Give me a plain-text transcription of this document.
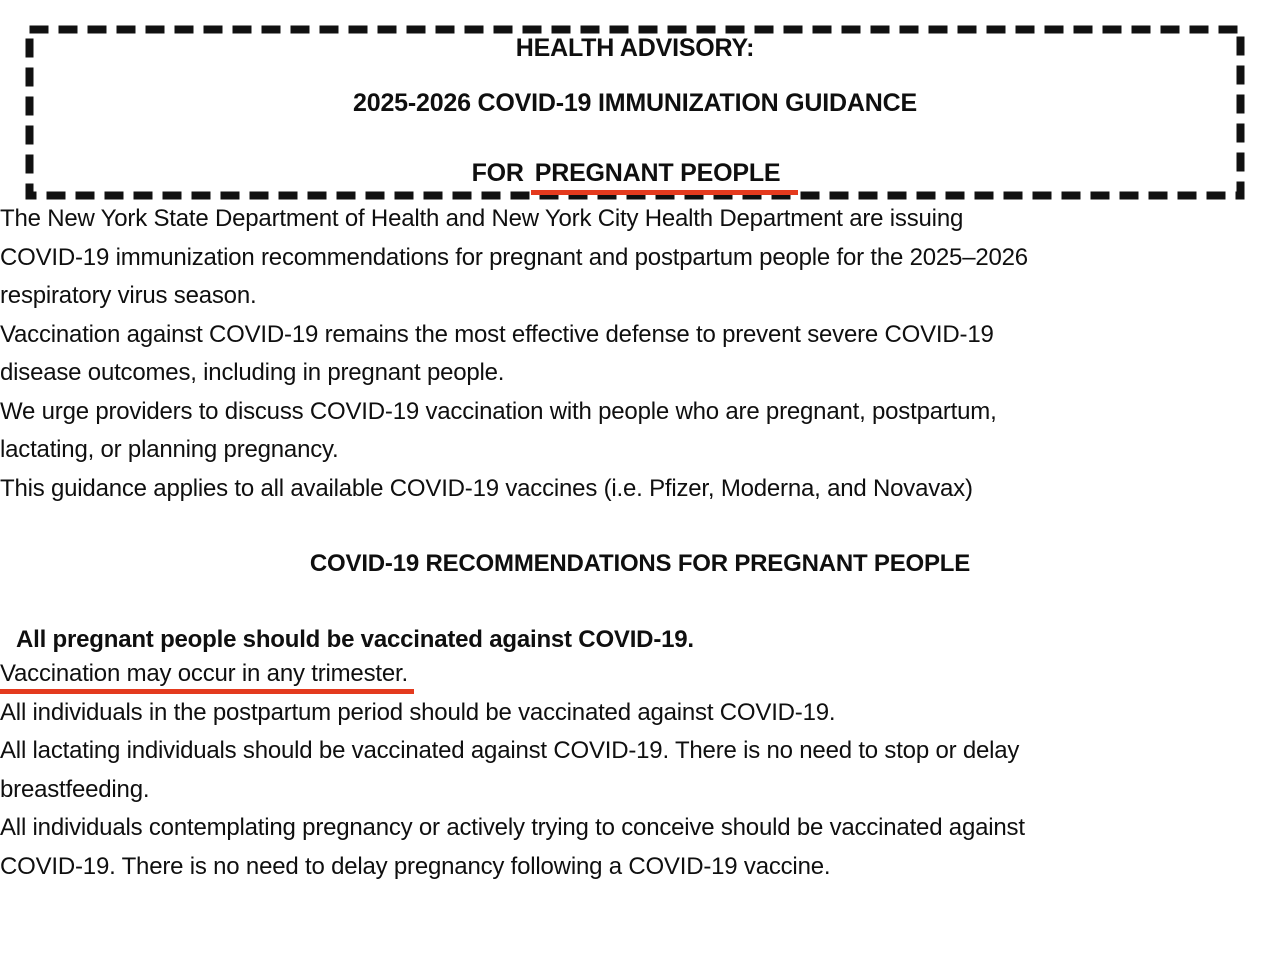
HEALTH ADVISORY:
2025-2026 COVID-19 IMMUNIZATION GUIDANCE
FOR PREGNANT PEOPLE
The New York State Department of Health and New York City Health Department are issuing COVID-19 immunization recommendations for pregnant and postpartum people for the 2025–2026 respiratory virus season.
Vaccination against COVID-19 remains the most effective defense to prevent severe COVID-19 disease outcomes, including in pregnant people.
We urge providers to discuss COVID-19 vaccination with people who are pregnant, postpartum, lactating, or planning pregnancy.
This guidance applies to all available COVID-19 vaccines (i.e. Pfizer, Moderna, and Novavax)
COVID-19 RECOMMENDATIONS FOR PREGNANT PEOPLE
All pregnant people should be vaccinated against COVID-19.
Vaccination may occur in any trimester.
All individuals in the postpartum period should be vaccinated against COVID-19.
All lactating individuals should be vaccinated against COVID-19. There is no need to stop or delay breastfeeding.
All individuals contemplating pregnancy or actively trying to conceive should be vaccinated against COVID-19. There is no need to delay pregnancy following a COVID-19 vaccine.
